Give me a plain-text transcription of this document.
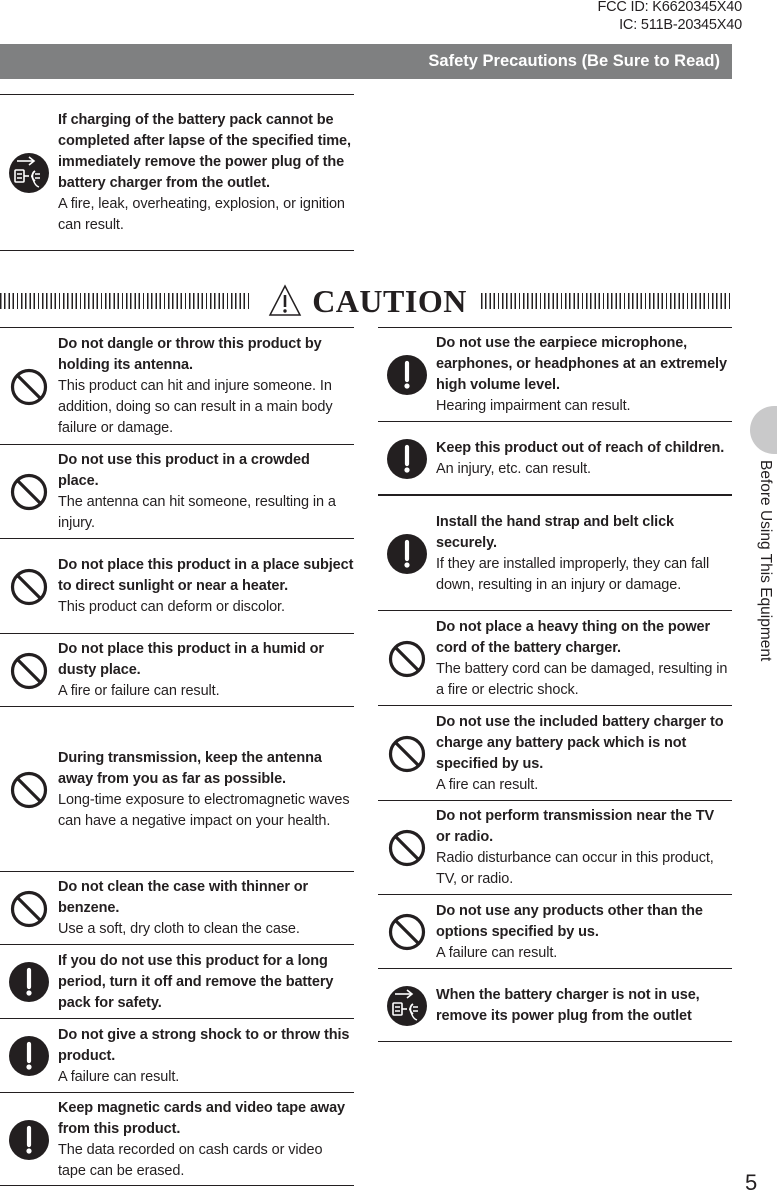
FCC ID: K6620345X40
IC: 511B-20345X40
Safety Precautions (Be Sure to Read)
If charging of the battery pack cannot be completed after lapse of the specified time, immediately remove the power plug of the battery charger from the outlet.
A fire, leak, overheating, explosion, or ignition can result.
CAUTION
Do not dangle or throw this product by holding its antenna.
This product can hit and injure someone. In addition, doing so can result in a main body failure or damage.
Do not use this product in a crowded place.
The antenna can hit someone, resulting in a injury.
Do not place this product in a place subject to direct sunlight or near a heater.
This product can deform or discolor.
Do not place this product in a humid or dusty place.
A fire or failure can result.
During transmission, keep the antenna away from you as far as possible.
Long-time exposure to electromagnetic waves can have a negative impact on your health.
Do not clean the case with thinner or benzene.
Use a soft, dry cloth to clean the case.
If you do not use this product for a long period, turn it off and remove the battery pack for safety.
Do not give a strong shock to or throw this product.
A failure can result.
Keep magnetic cards and video tape away from this product.
The data recorded on cash cards or video tape can be erased.
Do not use the earpiece microphone, earphones, or headphones at an extremely high volume level.
Hearing impairment can result.
Keep this product out of reach of children.
An injury, etc. can result.
Install the hand strap and belt click securely.
If they are installed improperly, they can fall down, resulting in an injury or damage.
Do not place a heavy thing on the power cord of the battery charger.
The battery cord can be damaged, resulting in a fire or electric shock.
Do not use the included battery charger to charge any battery pack which is not specified by us.
A fire can result.
Do not perform transmission near the TV or radio.
Radio disturbance can occur in this product, TV, or radio.
Do not use any products other than the options specified by us.
A failure can result.
When the battery charger is not in use, remove its power plug from the outlet
Before Using This Equipment
5
